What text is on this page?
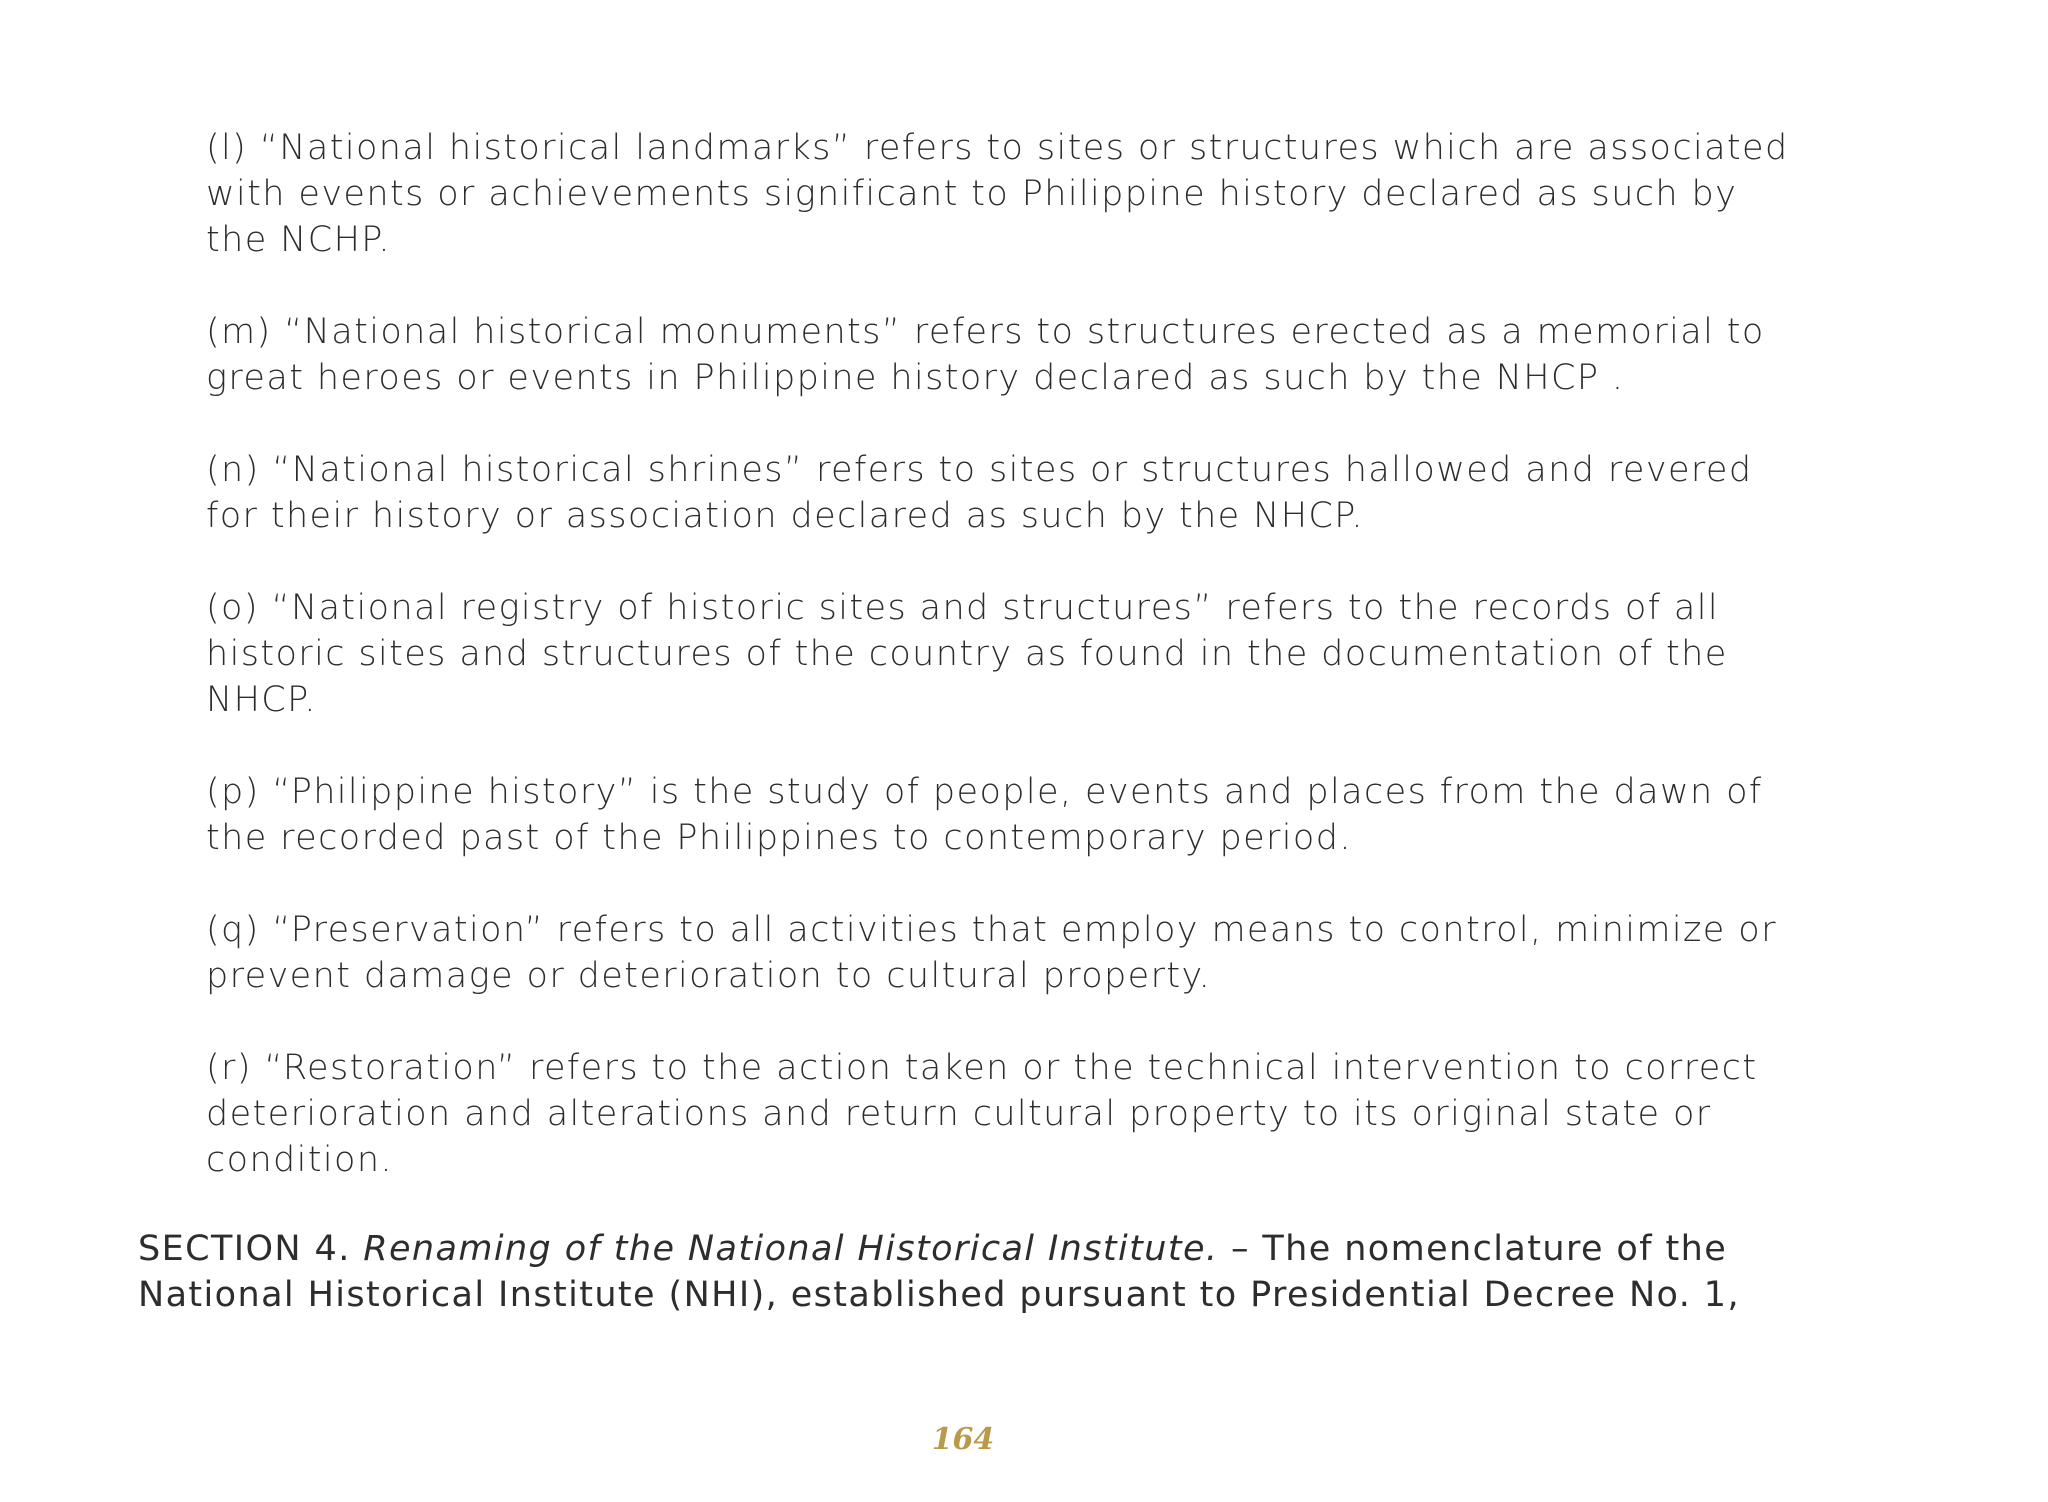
(l) “National historical landmarks” refers to sites or structures which are associated with events or achievements significant to Philippine history declared as such by the NCHP.

(m) “National historical monuments” refers to structures erected as a memorial to great heroes or events in Philippine history declared as such by the NHCP .

(n) “National historical shrines” refers to sites or structures hallowed and revered for their history or association declared as such by the NHCP.

(o) “National registry of historic sites and structures” refers to the records of all historic sites and structures of the country as found in the documentation of the NHCP.

(p) “Philippine history” is the study of people, events and places from the dawn of the recorded past of the Philippines to contemporary period.

(q) “Preservation” refers to all activities that employ means to control, minimize or prevent damage or deterioration to cultural property.

(r) “Restoration” refers to the action taken or the technical intervention to correct deterioration and alterations and return cultural property to its original state or condition.

SECTION 4. Renaming of the National Historical Institute. – The nomenclature of the National Historical Institute (NHI), established pursuant to Presidential Decree No. 1,

164
